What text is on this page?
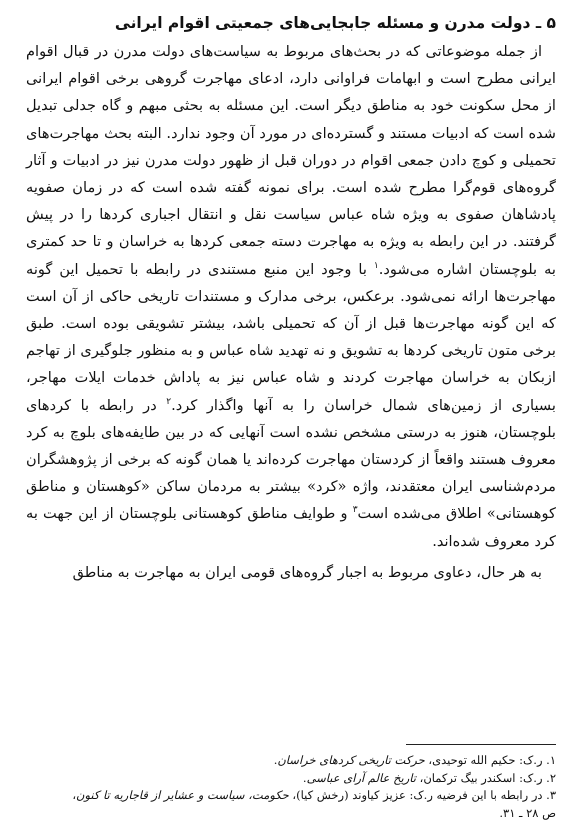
۵ ـ دولت مدرن و مسئله جابجایی‌های جمعیتی اقوام ایرانی

از جمله موضوعاتی که در بحث‌های مربوط به سیاست‌های دولت مدرن در قبال اقوام ایرانی مطرح است و ابهامات فراوانی دارد، ادعای مهاجرت گروهی برخی اقوام ایرانی از محل سکونت خود به مناطق دیگر است. این مسئله به بحثی مبهم و گاه جدلی تبدیل شده است که ادبیات مستند و گسترده‌ای در مورد آن وجود ندارد. البته بحث مهاجرت‌های تحمیلی و کوچ دادن جمعی اقوام در دوران قبل از ظهور دولت مدرن نیز در ادبیات و آثار گروه‌های قوم‌گرا مطرح شده است. برای نمونه گفته شده است که در زمان صفویه پادشاهان صفوی به ویژه شاه عباس سیاست نقل و انتقال اجباری کردها را در پیش گرفتند. در این رابطه به ویژه به مهاجرت دسته جمعی کردها به خراسان و تا حد کمتری به بلوچستان اشاره می‌شود.$^۱$ با وجود این منبع مستندی در رابطه با تحمیل این گونه مهاجرت‌ها ارائه نمی‌شود. برعکس، برخی مدارک و مستندات تاریخی حاکی از آن است که این گونه مهاجرت‌ها قبل از آن که تحمیلی باشد، بیشتر تشویقی بوده است. طبق برخی متون تاریخی کردها به تشویق و نه تهدید شاه عباس و به منظور جلوگیری از تهاجم ازبکان به خراسان مهاجرت کردند و شاه عباس نیز به پاداش خدمات ایلات مهاجر، بسیاری از زمین‌های شمال خراسان را به آنها واگذار کرد.$^۲$ در رابطه با کردهای بلوچستان، هنوز به درستی مشخص نشده است آنهایی که در بین طایفه‌های بلوچ به کرد معروف هستند واقعاً از کردستان مهاجرت کرده‌اند یا همان گونه که برخی از پژوهشگران مردم‌شناسی ایران معتقدند، واژه «کرد» بیشتر به مردمان ساکن «کوهستان و مناطق کوهستانی» اطلاق می‌شده است$^۳$ و طوایف مناطق کوهستانی بلوچستان از این جهت به کرد معروف شده‌اند.

به هر حال، دعاوی مربوط به اجبار گروه‌های قومی ایران به مهاجرت به مناطق

۱. ر.ک: حکیم الله توحیدی، حرکت تاریخی کردهای خراسان.

۲. ر.ک: اسکندر بیگ ترکمان، تاریخ عالم آرای عباسی.

۳. در رابطه با این فرضیه ر.ک: عزیز کیاوند (رخش کیا)، حکومت، سیاست و عشایر از قاجاریه تا کنون،

ص ۲۸ ـ ۳۱.
